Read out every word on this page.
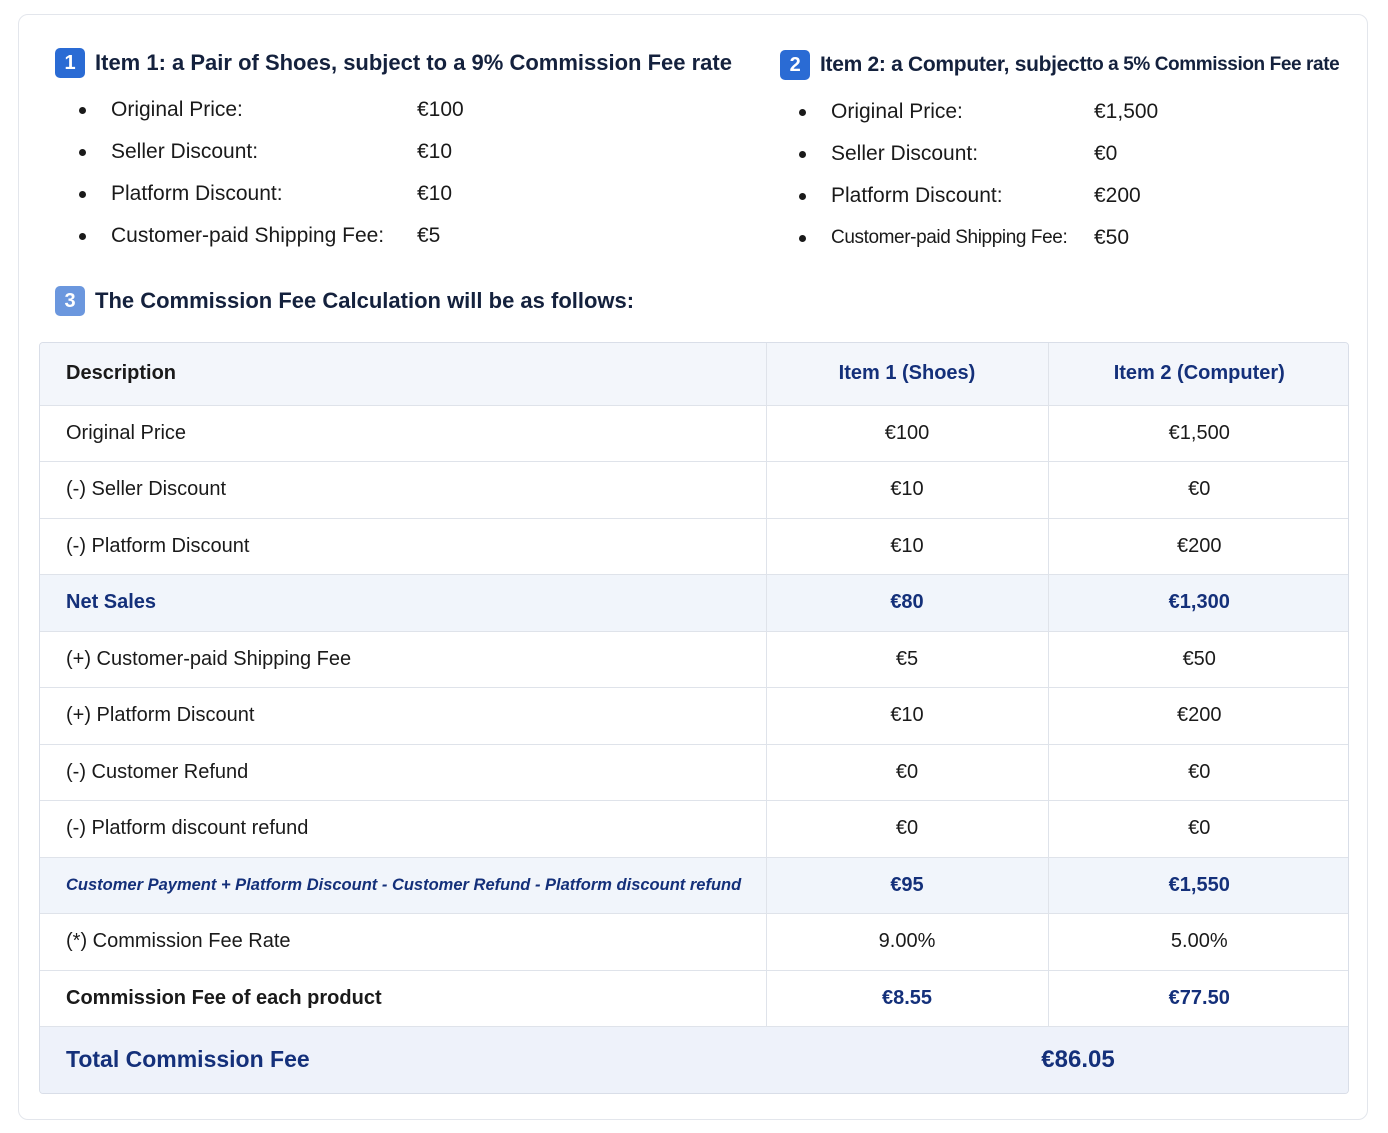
1 Item 1: a Pair of Shoes, subject to a 9% Commission Fee rate
Original Price:	€100
Seller Discount:	€10
Platform Discount:	€10
Customer-paid Shipping Fee: €5
2 Item 2: a Computer, subject to a 5% Commission Fee rate
Original Price:	€1,500
Seller Discount:	€0
Platform Discount:	€200
Customer-paid Shipping Fee: €50
3 The Commission Fee Calculation will be as follows:
Description	Item 1 (Shoes)	Item 2 (Computer)
Original Price	€100	€1,500
(-) Seller Discount	€10	€0
(-) Platform Discount	€10	€200
Net Sales	€80	€1,300
(+) Customer-paid Shipping Fee	€5	€50
(+) Platform Discount	€10	€200
(-) Customer Refund	€0	€0
(-) Platform discount refund	€0	€0
Customer Payment + Platform Discount - Customer Refund - Platform discount refund	€95	€1,550
(*) Commission Fee Rate	9.00%	5.00%
Commission Fee of each product	€8.55	€77.50
Total Commission Fee	€86.05	
